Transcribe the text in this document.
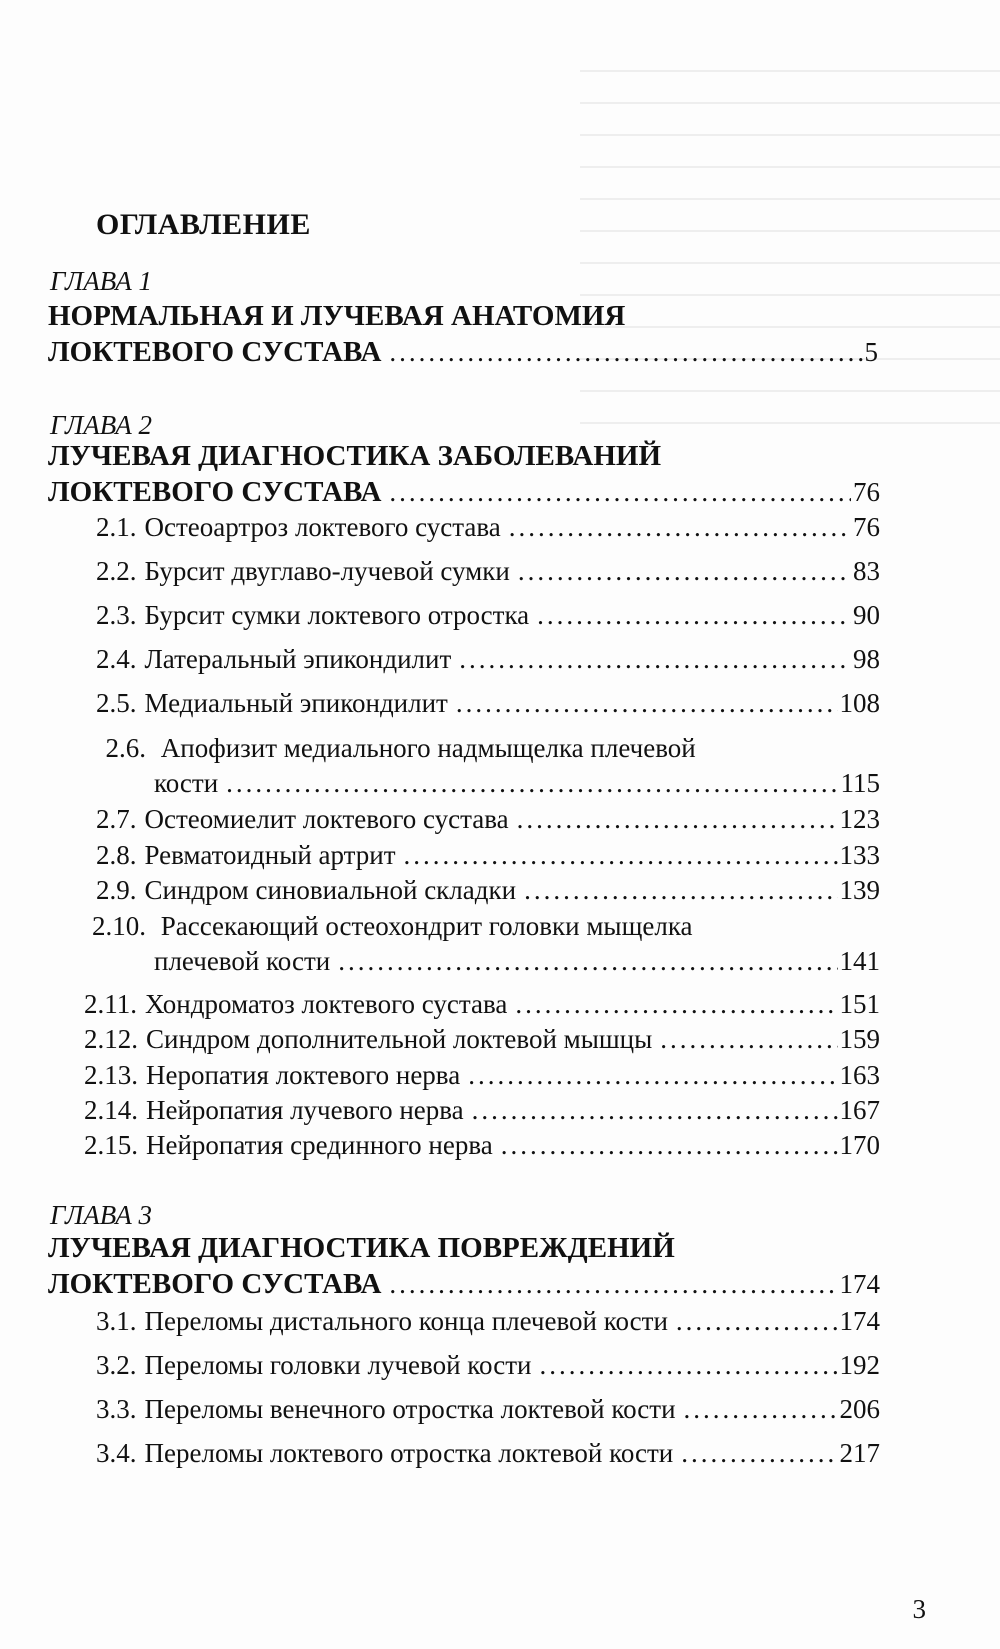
ОГЛАВЛЕНИЕ
ГЛАВА 1
НОРМАЛЬНАЯ И ЛУЧЕВАЯ АНАТОМИЯ
ЛОКТЕВОГО СУСТАВА .....	5
ГЛАВА 2
ЛУЧЕВАЯ ДИАГНОСТИКА ЗАБОЛЕВАНИЙ
ЛОКТЕВОГО СУСТАВА .....	76
2.1. Остеоартроз локтевого сустава .....	76
2.2. Бурсит двуглаво-лучевой сумки .....	83
2.3. Бурсит сумки локтевого отростка .....	90
2.4. Латеральный эпикондилит .....	98
2.5. Медиальный эпикондилит .....	108
2.6. Апофизит медиального надмыщелка плечевой
кости .....	115
2.7. Остеомиелит локтевого сустава .....	123
2.8. Ревматоидный артрит .....	133
2.9. Синдром синовиальной складки .....	139
2.10. Рассекающий остеохондрит головки мыщелка
плечевой кости .....	141
2.11. Хондроматоз локтевого сустава .....	151
2.12. Синдром дополнительной локтевой мышцы .....	159
2.13. Неропатия локтевого нерва .....	163
2.14. Нейропатия лучевого нерва .....	167
2.15. Нейропатия срединного нерва .....	170
ГЛАВА 3
ЛУЧЕВАЯ ДИАГНОСТИКА ПОВРЕЖДЕНИЙ
ЛОКТЕВОГО СУСТАВА .....	174
3.1. Переломы дистального конца плечевой кости .....	174
3.2. Переломы головки лучевой кости .....	192
3.3. Переломы венечного отростка локтевой кости .....	206
3.4. Переломы локтевого отростка локтевой кости .....	217
3
